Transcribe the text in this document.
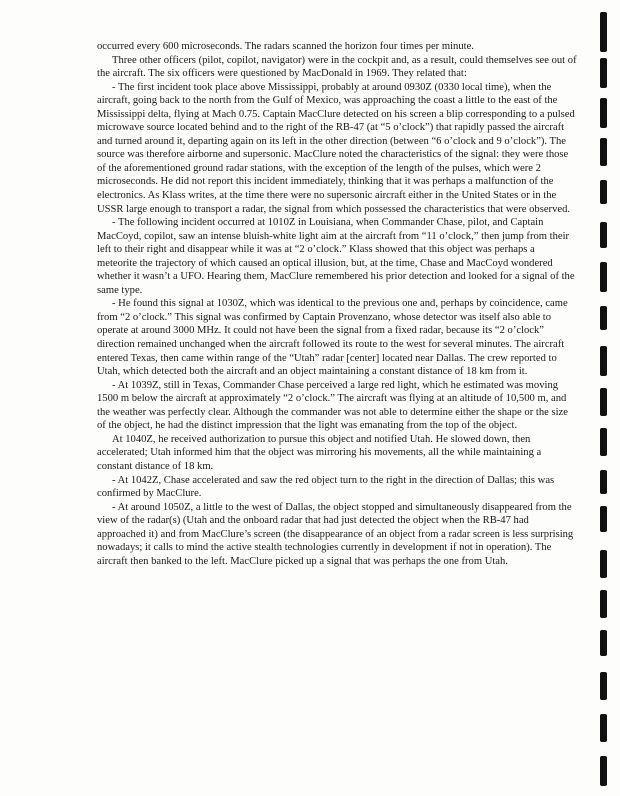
occurred every 600 microseconds. The radars scanned the horizon four times per minute.

Three other officers (pilot, copilot, navigator) were in the cockpit and, as a result, could themselves see out of the aircraft. The six officers were questioned by MacDonald in 1969. They related that:

- The first incident took place above Mississippi, probably at around 0930Z (0330 local time), when the aircraft, going back to the north from the Gulf of Mexico, was approaching the coast a little to the east of the Mississippi delta, flying at Mach 0.75. Captain MacClure detected on his screen a blip corresponding to a pulsed microwave source located behind and to the right of the RB-47 (at “5 o’clock”) that rapidly passed the aircraft and turned around it, departing again on its left in the other direction (between “6 o’clock and 9 o’clock”). The source was therefore airborne and supersonic. MacClure noted the characteristics of the signal: they were those of the aforementioned ground radar stations, with the exception of the length of the pulses, which were 2 microseconds. He did not report this incident immediately, thinking that it was perhaps a malfunction of the electronics. As Klass writes, at the time there were no supersonic aircraft either in the United States or in the USSR large enough to transport a radar, the signal from which possessed the characteristics that were observed.

- The following incident occurred at 1010Z in Louisiana, when Commander Chase, pilot, and Captain MacCoyd, copilot, saw an intense bluish-white light aim at the aircraft from “11 o’clock,” then jump from their left to their right and disappear while it was at “2 o’clock.” Klass showed that this object was perhaps a meteorite the trajectory of which caused an optical illusion, but, at the time, Chase and MacCoyd wondered whether it wasn’t a UFO. Hearing them, MacClure remembered his prior detection and looked for a signal of the same type.

- He found this signal at 1030Z, which was identical to the previous one and, perhaps by coincidence, came from “2 o’clock.” This signal was confirmed by Captain Provenzano, whose detector was itself also able to operate at around 3000 MHz. It could not have been the signal from a fixed radar, because its “2 o’clock” direction remained unchanged when the aircraft followed its route to the west for several minutes. The aircraft entered Texas, then came within range of the “Utah” radar [center] located near Dallas. The crew reported to Utah, which detected both the aircraft and an object maintaining a constant distance of 18 km from it.

- At 1039Z, still in Texas, Commander Chase perceived a large red light, which he estimated was moving 1500 m below the aircraft at approximately “2 o’clock.” The aircraft was flying at an altitude of 10,500 m, and the weather was perfectly clear. Although the commander was not able to determine either the shape or the size of the object, he had the distinct impression that the light was emanating from the top of the object.

At 1040Z, he received authorization to pursue this object and notified Utah. He slowed down, then accelerated; Utah informed him that the object was mirroring his movements, all the while maintaining a constant distance of 18 km.

- At 1042Z, Chase accelerated and saw the red object turn to the right in the direction of Dallas; this was confirmed by MacClure.

- At around 1050Z, a little to the west of Dallas, the object stopped and simultaneously disappeared from the view of the radar(s) (Utah and the onboard radar that had just detected the object when the RB-47 had approached it) and from MacClure’s screen (the disappearance of an object from a radar screen is less surprising nowadays; it calls to mind the active stealth technologies currently in development if not in operation). The aircraft then banked to the left. MacClure picked up a signal that was perhaps the one from Utah.
